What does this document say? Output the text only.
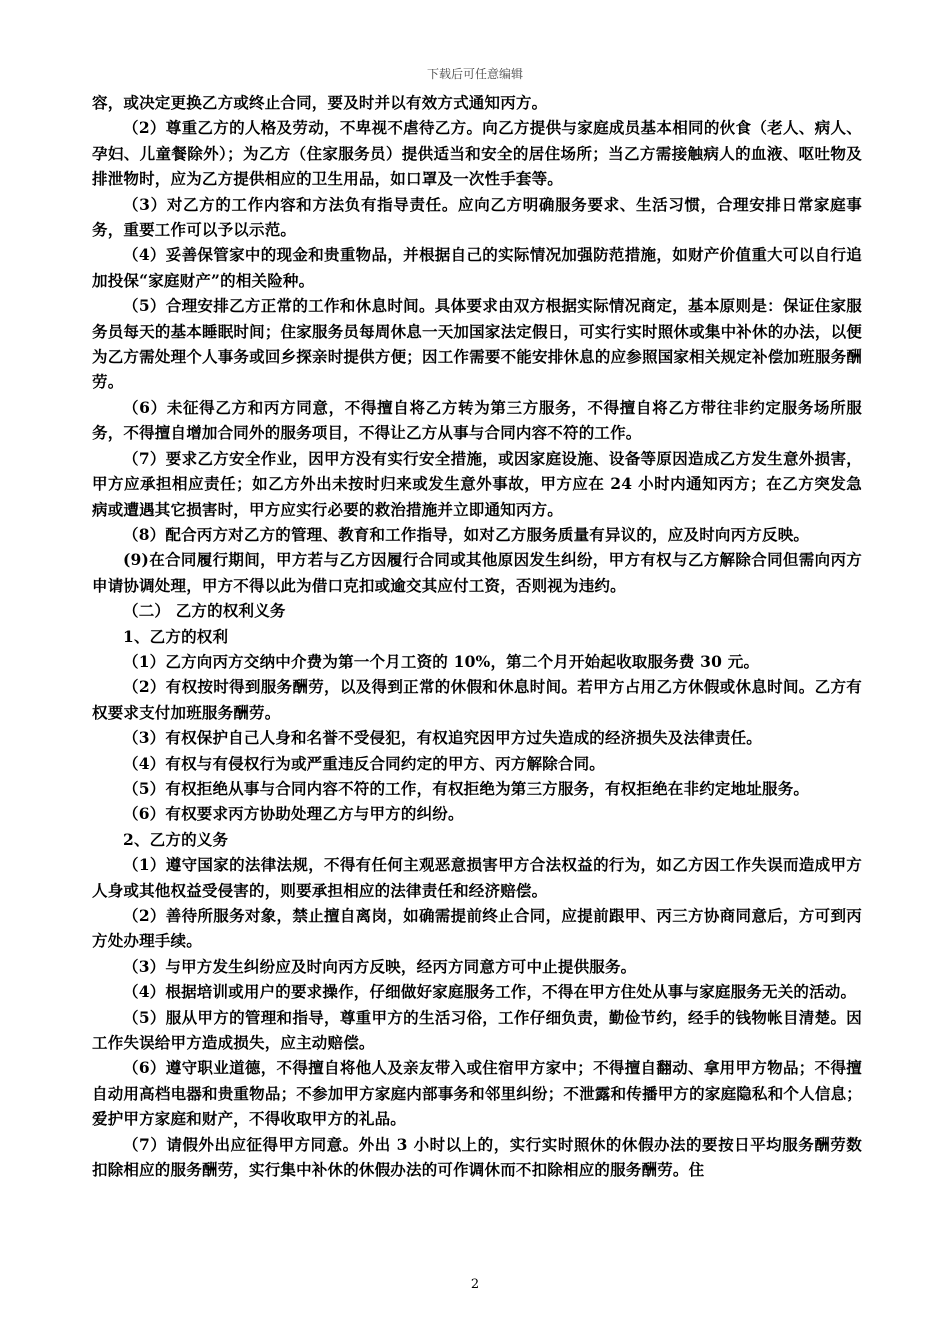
下载后可任意编辑

容，或决定更换乙方或终止合同，要及时并以有效方式通知丙方。

（2）尊重乙方的人格及劳动，不卑视不虐待乙方。向乙方提供与家庭成员基本相同的伙食（老人、病人、孕妇、儿童餐除外）；为乙方（住家服务员）提供适当和安全的居住场所；当乙方需接触病人的血液、呕吐物及排泄物时，应为乙方提供相应的卫生用品，如口罩及一次性手套等。

（3）对乙方的工作内容和方法负有指导责任。应向乙方明确服务要求、生活习惯，合理安排日常家庭事务，重要工作可以予以示范。

（4）妥善保管家中的现金和贵重物品，并根据自己的实际情况加强防范措施，如财产价值重大可以自行追加投保“家庭财产”的相关险种。

（5）合理安排乙方正常的工作和休息时间。具体要求由双方根据实际情况商定，基本原则是：保证住家服务员每天的基本睡眠时间；住家服务员每周休息一天加国家法定假日，可实行实时照休或集中补休的办法，以便为乙方需处理个人事务或回乡探亲时提供方便；因工作需要不能安排休息的应参照国家相关规定补偿加班服务酬劳。

（6）未征得乙方和丙方同意，不得擅自将乙方转为第三方服务，不得擅自将乙方带往非约定服务场所服务，不得擅自增加合同外的服务项目，不得让乙方从事与合同内容不符的工作。

（7）要求乙方安全作业，因甲方没有实行安全措施，或因家庭设施、设备等原因造成乙方发生意外损害，甲方应承担相应责任；如乙方外出未按时归来或发生意外事故，甲方应在 24 小时内通知丙方；在乙方突发急病或遭遇其它损害时，甲方应实行必要的救治措施并立即通知丙方。

（8）配合丙方对乙方的管理、教育和工作指导，如对乙方服务质量有异议的，应及时向丙方反映。

(9)在合同履行期间，甲方若与乙方因履行合同或其他原因发生纠纷，甲方有权与乙方解除合同但需向丙方申请协调处理，甲方不得以此为借口克扣或逾交其应付工资，否则视为违约。

（二） 乙方的权利义务

1、乙方的权利

（1）乙方向丙方交纳中介费为第一个月工资的 10%，第二个月开始起收取服务费 30 元。

（2）有权按时得到服务酬劳，以及得到正常的休假和休息时间。若甲方占用乙方休假或休息时间。乙方有权要求支付加班服务酬劳。

（3）有权保护自己人身和名誉不受侵犯，有权追究因甲方过失造成的经济损失及法律责任。

（4）有权与有侵权行为或严重违反合同约定的甲方、丙方解除合同。

（5）有权拒绝从事与合同内容不符的工作，有权拒绝为第三方服务，有权拒绝在非约定地址服务。

（6）有权要求丙方协助处理乙方与甲方的纠纷。

2、乙方的义务

（1）遵守国家的法律法规，不得有任何主观恶意损害甲方合法权益的行为，如乙方因工作失误而造成甲方人身或其他权益受侵害的，则要承担相应的法律责任和经济赔偿。

（2）善待所服务对象，禁止擅自离岗，如确需提前终止合同，应提前跟甲、丙三方协商同意后，方可到丙方处办理手续。

（3）与甲方发生纠纷应及时向丙方反映，经丙方同意方可中止提供服务。

（4）根据培训或用户的要求操作，仔细做好家庭服务工作，不得在甲方住处从事与家庭服务无关的活动。

（5）服从甲方的管理和指导，尊重甲方的生活习俗，工作仔细负责，勤俭节约，经手的钱物帐目清楚。因工作失误给甲方造成损失，应主动赔偿。

（6）遵守职业道德，不得擅自将他人及亲友带入或住宿甲方家中；不得擅自翻动、拿用甲方物品；不得擅自动用高档电器和贵重物品；不参加甲方家庭内部事务和邻里纠纷；不泄露和传播甲方的家庭隐私和个人信息；爱护甲方家庭和财产，不得收取甲方的礼品。

（7）请假外出应征得甲方同意。外出 3 小时以上的，实行实时照休的休假办法的要按日平均服务酬劳数扣除相应的服务酬劳，实行集中补休的休假办法的可作调休而不扣除相应的服务酬劳。住

2
